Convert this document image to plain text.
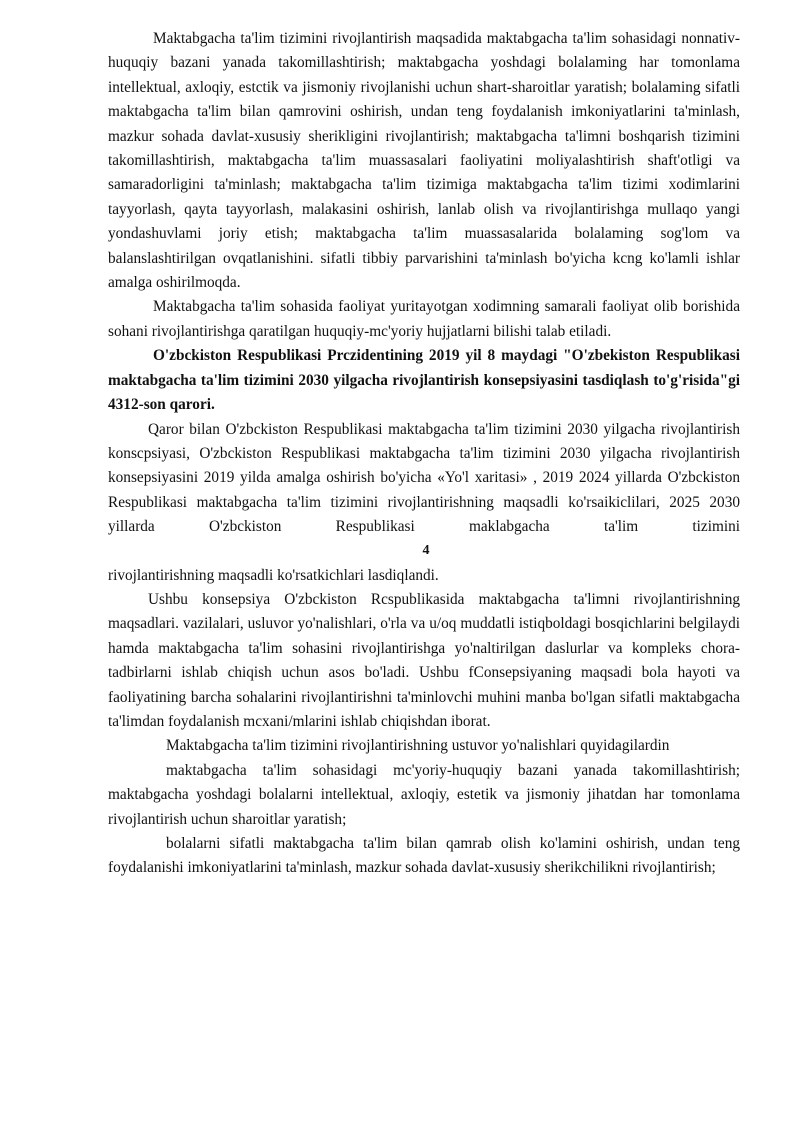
Maktabgacha ta'lim tizimini rivojlantirish maqsadida maktabgacha ta'lim sohasidagi nonnativ-huquqiy bazani yanada takomillashtirish; maktabgacha yoshdagi bolalaming har tomonlama intellektual, axloqiy, estctik va jismoniy rivojlanishi uchun shart-sharoitlar yaratish; bolalaming sifatli maktabgacha ta'lim bilan qamrovini oshirish, undan teng foydalanish imkoniyatlarini ta'minlash, mazkur sohada davlat-xususiy sherikligini rivojlantirish; maktabgacha ta'limni boshqarish tizimini takomillashtirish, maktabgacha ta'lim muassasalari faoliyatini moliyalashtirish shaft'otligi va samaradorligini ta'minlash; maktabgacha ta'lim tizimiga maktabgacha ta'lim tizimi xodimlarini tayyorlash, qayta tayyorlash, malakasini oshirish, lanlab olish va rivojlantirishga mullaqo yangi yondashuvlami joriy etish; maktabgacha ta'lim muassasalarida bolalaming sog'lom va balanslashtirilgan ovqatlanishini. sifatli tibbiy parvarishini ta'minlash bo'yicha kcng ko'lamli ishlar amalga oshirilmoqda.

Maktabgacha ta'lim sohasida faoliyat yuritayotgan xodimning samarali faoliyat olib borishida sohani rivojlantirishga qaratilgan huquqiy-mc'yoriy hujjatlarni bilishi talab etiladi.

O'zbckiston Respublikasi Prczidentining 2019 yil 8 maydagi "O'zbekiston Respublikasi maktabgacha ta'lim tizimini 2030 yilgacha rivojlantirish konsepsiyasini tasdiqlash to'g'risida"gi 4312-son qarori.

Qaror bilan O'zbckiston Respublikasi maktabgacha ta'lim tizimini 2030 yilgacha rivojlantirish konscpsiyasi, O'zbckiston Respublikasi maktabgacha ta'lim tizimini 2030 yilgacha rivojlantirish konsepsiyasini 2019 yilda amalga oshirish bo'yicha «Yo'l xaritasi» , 2019 2024 yillarda O'zbckiston Respublikasi maktabgacha ta'lim tizimini rivojlantirishning maqsadli ko'rsaikiclilari, 2025 2030 yillarda O'zbckiston Respublikasi maklabgacha ta'lim tizimini

4

rivojlantirishning maqsadli ko'rsatkichlari lasdiqlandi.

Ushbu konsepsiya O'zbckiston Rcspublikasida maktabgacha ta'limni rivojlantirishning maqsadlari. vazilalari, usluvor yo'nalishlari, o'rla va u/oq muddatli istiqboldagi bosqichlarini belgilaydi hamda maktabgacha ta'lim sohasini rivojlantirishga yo'naltirilgan daslurlar va kompleks chora-tadbirlarni ishlab chiqish uchun asos bo'ladi. Ushbu fConsepsiyaning maqsadi bola hayoti va faoliyatining barcha sohalarini rivojlantirishni ta'minlovchi muhini manba bo'lgan sifatli maktabgacha ta'limdan foydalanish mcxani/mlarini ishlab chiqishdan iborat.

Maktabgacha ta'lim tizimini rivojlantirishning ustuvor yo'nalishlari quyidagilardin

maktabgacha ta'lim sohasidagi mc'yoriy-huquqiy bazani yanada takomillashtirish; maktabgacha yoshdagi bolalarni intellektual, axloqiy, estetik va jismoniy jihatdan har tomonlama rivojlantirish uchun sharoitlar yaratish;

bolalarni sifatli maktabgacha ta'lim bilan qamrab olish ko'lamini oshirish, undan teng foydalanishi imkoniyatlarini ta'minlash, mazkur sohada davlat-xususiy sherikchilikni rivojlantirish;
